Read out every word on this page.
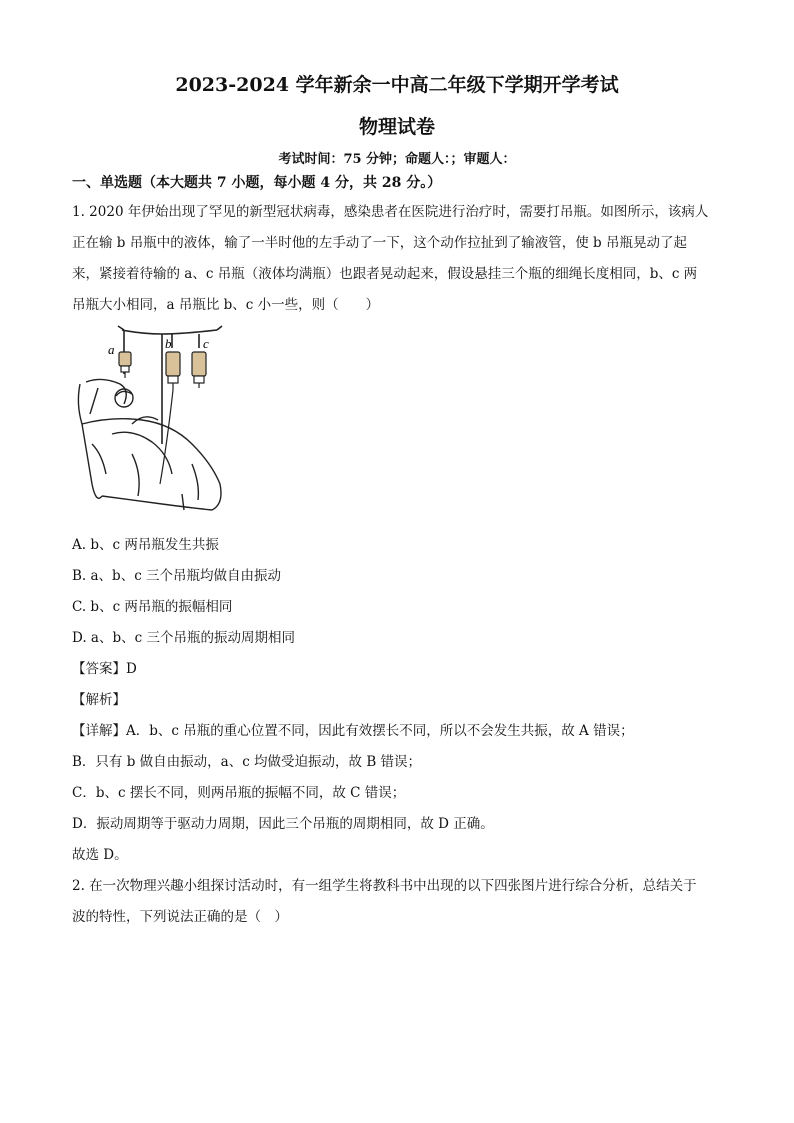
2023-2024 学年新余一中高二年级下学期开学考试
物理试卷
考试时间：75 分钟；命题人：；审题人：
一、单选题（本大题共 7 小题，每小题 4 分，共 28 分。）
1. 2020 年伊始出现了罕见的新型冠状病毒，感染患者在医院进行治疗时，需要打吊瓶。如图所示，该病人
正在输 b 吊瓶中的液体，输了一半时他的左手动了一下，这个动作拉扯到了输液管，使 b 吊瓶晃动了起
来，紧接着待输的 a、c 吊瓶（液体均满瓶）也跟者晃动起来，假设悬挂三个瓶的细绳长度相同，b、c 两
吊瓶大小相同，a 吊瓶比 b、c 小一些，则（　　）
a	b c
A. b、c 两吊瓶发生共振
B. a、b、c 三个吊瓶均做自由振动
C. b、c 两吊瓶的振幅相同
D. a、b、c 三个吊瓶的振动周期相同
【答案】D
【解析】
【详解】A．b、c 吊瓶的重心位置不同，因此有效摆长不同，所以不会发生共振，故 A 错误；
B．只有 b 做自由振动，a、c 均做受迫振动，故 B 错误；
C．b、c 摆长不同，则两吊瓶的振幅不同，故 C 错误；
D．振动周期等于驱动力周期，因此三个吊瓶的周期相同，故 D 正确。
故选 D。
2. 在一次物理兴趣小组探讨活动时，有一组学生将教科书中出现的以下四张图片进行综合分析，总结关于
波的特性，下列说法正确的是（　）
